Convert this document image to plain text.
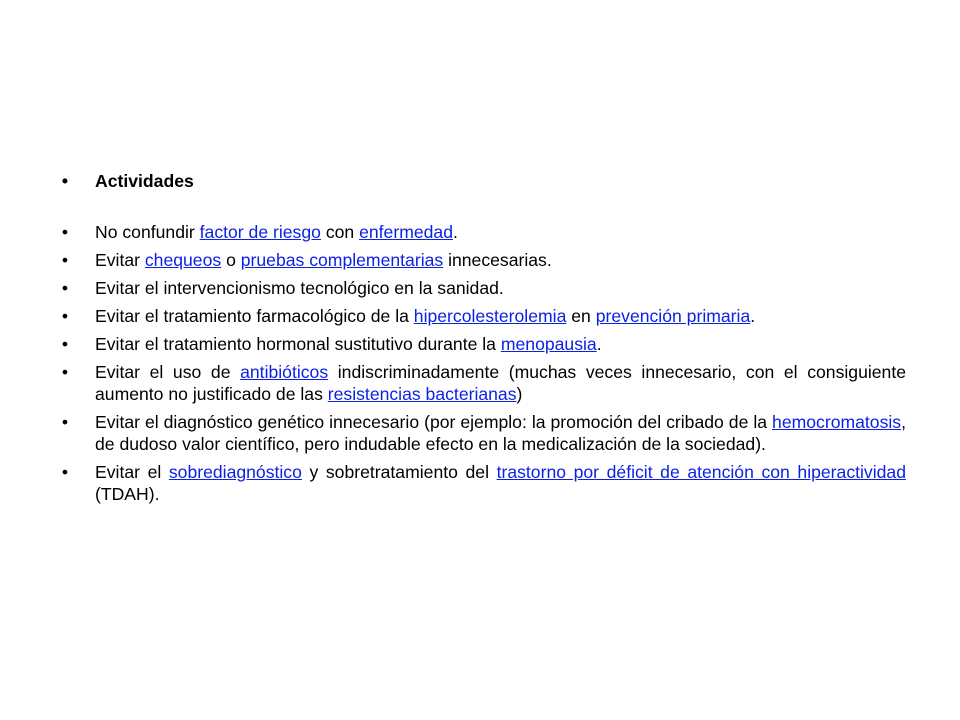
• Actividades
• No confundir factor de riesgo con enfermedad.
• Evitar chequeos o pruebas complementarias innecesarias.
• Evitar el intervencionismo tecnológico en la sanidad.
• Evitar el tratamiento farmacológico de la hipercolesterolemia en prevención primaria.
• Evitar el tratamiento hormonal sustitutivo durante la menopausia.
• Evitar el uso de antibióticos indiscriminadamente (muchas veces innecesario, con el consiguiente aumento no justificado de las resistencias bacterianas)
• Evitar el diagnóstico genético innecesario (por ejemplo: la promoción del cribado de la hemocromatosis, de dudoso valor científico, pero indudable efecto en la medicalización de la sociedad).
• Evitar el sobrediagnóstico y sobretratamiento del trastorno por déficit de atención con hiperactividad (TDAH).
